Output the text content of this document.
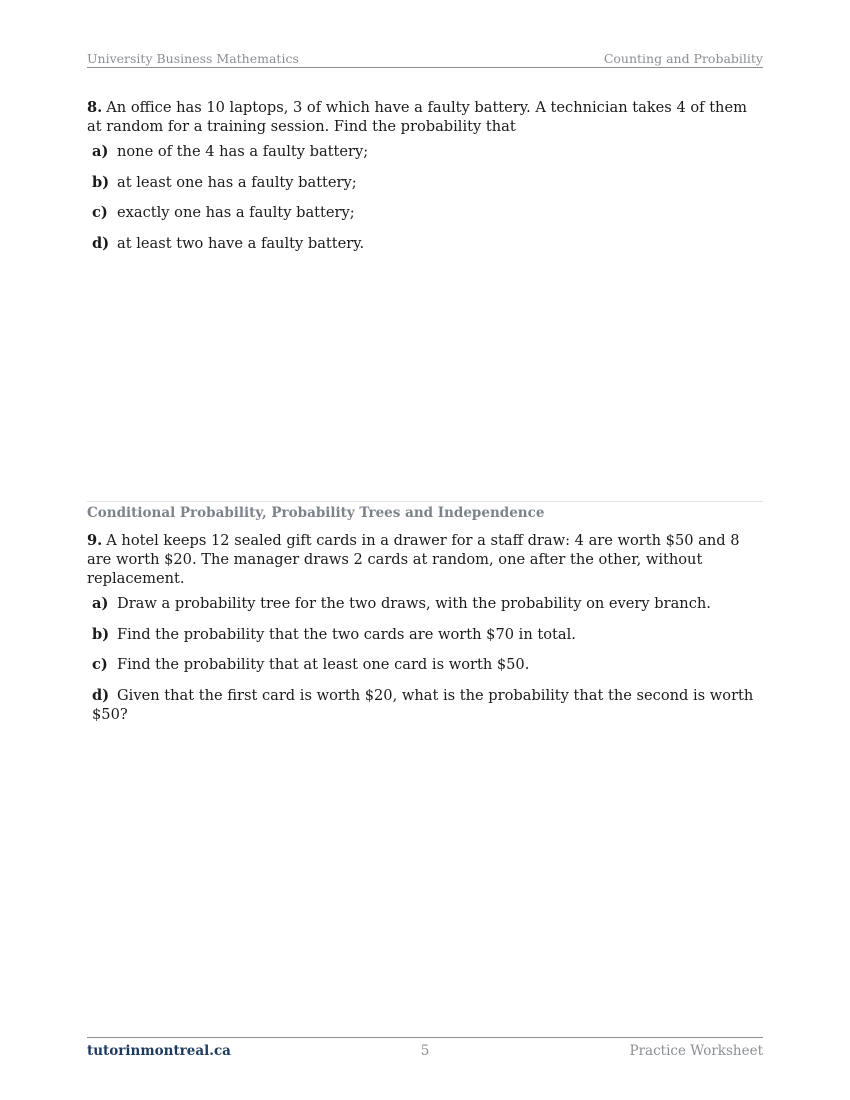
University Business Mathematics	Counting and Probability

8. An office has 10 laptops, 3 of which have a faulty battery. A technician takes 4 of them at random for a training session. Find the probability that

a) none of the 4 has a faulty battery;
b) at least one has a faulty battery;
c) exactly one has a faulty battery;
d) at least two have a faulty battery.
Conditional Probability, Probability Trees and Independence

9. A hotel keeps 12 sealed gift cards in a drawer for a staff draw: 4 are worth $50 and 8 are worth $20. The manager draws 2 cards at random, one after the other, without replacement.

a) Draw a probability tree for the two draws, with the probability on every branch.
b) Find the probability that the two cards are worth $70 in total.
c) Find the probability that at least one card is worth $50.
d) Given that the first card is worth $20, what is the probability that the second is worth $50?
tutorinmontreal.ca	5	Practice Worksheet
